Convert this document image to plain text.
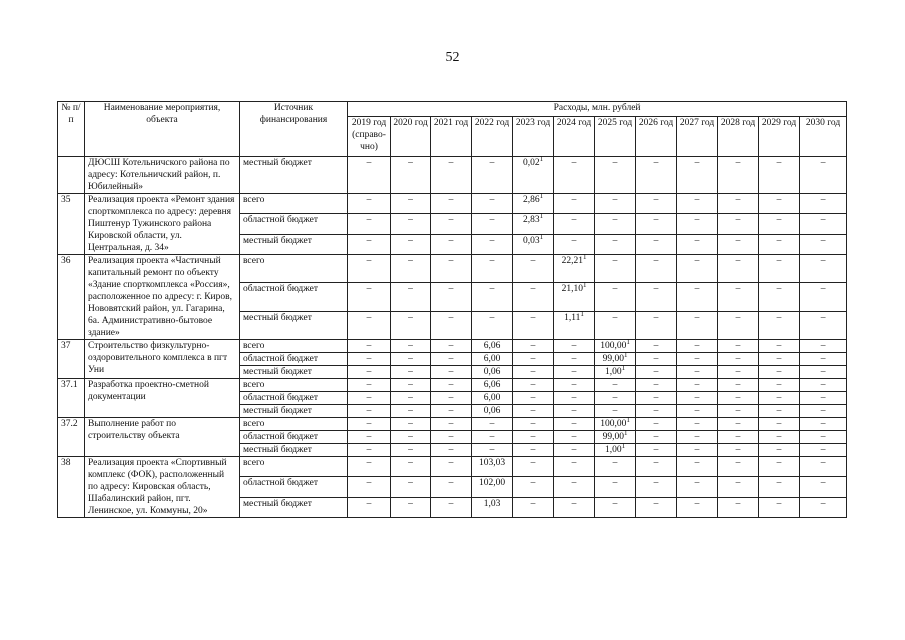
52
№ п/п	Наименование мероприятия, объекта	Источник финансирования	Расходы, млн. рублей											
			2019 год (справо-чно)	2020 год	2021 год	2022 год	2023 год	2024 год	2025 год	2026 год	2027 год	2028 год	2029 год	2030 год
	ДЮСШ Котельничского района по адресу: Котельничский район, п. Юбилейный»	местный бюджет	–	–	–	–	0,02$^1$	–	–	–	–	–	–	–
35	Реализация проекта «Ремонт здания спорткомплекса по адресу: деревня Пиштенур Тужинского района Кировской области, ул. Центральная, д. 34»	всего	–	–	–	–	2,86$^1$	–	–	–	–	–	–	–
		областной бюджет	–	–	–	–	2,83$^1$	–	–	–	–	–	–	–
		местный бюджет	–	–	–	–	0,03$^1$	–	–	–	–	–	–	–
36	Реализация проекта «Частичный капитальный ремонт по объекту «Здание спорткомплекса «Россия», расположенное по адресу: г. Киров, Нововятский район, ул. Гагарина, 6а. Административно-бытовое здание»	всего	–	–	–	–	–	22,21$^1$	–	–	–	–	–	–
		областной бюджет	–	–	–	–	–	21,10$^1$	–	–	–	–	–	–
		местный бюджет	–	–	–	–	–	1,11$^1$	–	–	–	–	–	–
37	Строительство физкультурно-оздоровительного комплекса в пгт Уни	всего	–	–	–	6,06	–	–	100,00$^1$	–	–	–	–	–
		областной бюджет	–	–	–	6,00	–	–	99,00$^1$	–	–	–	–	–
		местный бюджет	–	–	–	0,06	–	–	1,00$^1$	–	–	–	–	–
37.1	Разработка проектно-сметной документации	всего	–	–	–	6,06	–	–	–	–	–	–	–	–
		областной бюджет	–	–	–	6,00	–	–	–	–	–	–	–	–
		местный бюджет	–	–	–	0,06	–	–	–	–	–	–	–	–
37.2	Выполнение работ по строительству объекта	всего	–	–	–	–	–	–	100,00$^1$	–	–	–	–	–
		областной бюджет	–	–	–	–	–	–	99,00$^1$	–	–	–	–	–
		местный бюджет	–	–	–	–	–	–	1,00$^1$	–	–	–	–	–
38	Реализация проекта «Спортивный комплекс (ФОК), расположенный по адресу: Кировская область, Шабалинский район, пгт. Ленинское, ул. Коммуны, 20»	всего	–	–	–	103,03	–	–	–	–	–	–	–	–
		областной бюджет	–	–	–	102,00	–	–	–	–	–	–	–	–
		местный бюджет	–	–	–	1,03	–	–	–	–	–	–	–	–
